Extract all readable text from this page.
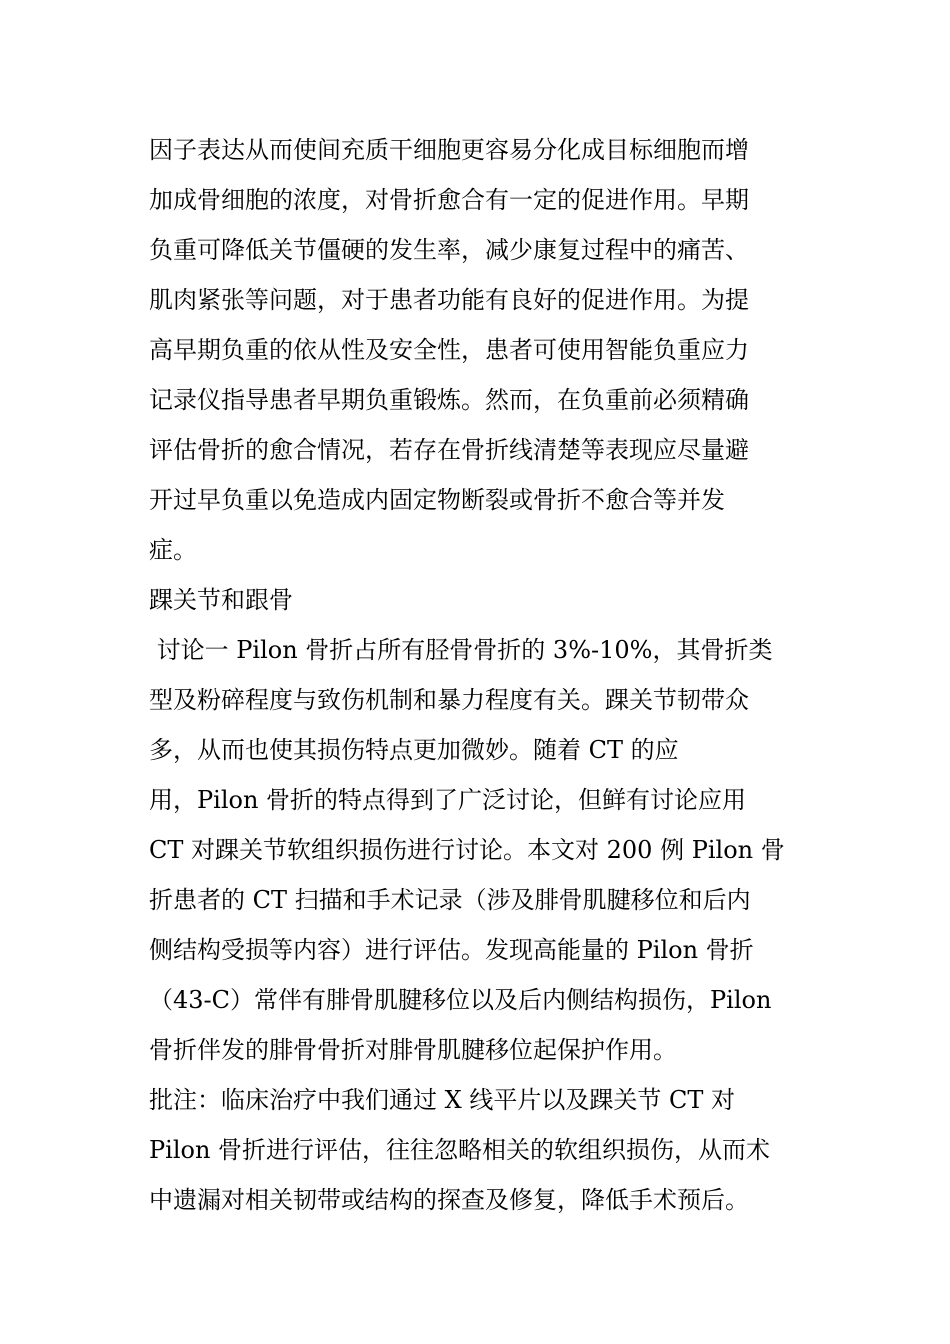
因子表达从而使间充质干细胞更容易分化成目标细胞而增
加成骨细胞的浓度，对骨折愈合有一定的促进作用。早期
负重可降低关节僵硬的发生率，减少康复过程中的痛苦、
肌肉紧张等问题，对于患者功能有良好的促进作用。为提
高早期负重的依从性及安全性，患者可使用智能负重应力
记录仪指导患者早期负重锻炼。然而，在负重前必须精确
评估骨折的愈合情况，若存在骨折线清楚等表现应尽量避
开过早负重以免造成内固定物断裂或骨折不愈合等并发
症。
踝关节和跟骨
讨论一 Pilon 骨折占所有胫骨骨折的 3%-10%，其骨折类
型及粉碎程度与致伤机制和暴力程度有关。踝关节韧带众
多，从而也使其损伤特点更加微妙。随着 CT 的应
用，Pilon 骨折的特点得到了广泛讨论，但鲜有讨论应用
CT 对踝关节软组织损伤进行讨论。本文对 200 例 Pilon 骨
折患者的 CT 扫描和手术记录（涉及腓骨肌腱移位和后内
侧结构受损等内容）进行评估。发现高能量的 Pilon 骨折
（43-C）常伴有腓骨肌腱移位以及后内侧结构损伤，Pilon
骨折伴发的腓骨骨折对腓骨肌腱移位起保护作用。
批注：临床治疗中我们通过 X 线平片以及踝关节 CT 对
Pilon 骨折进行评估，往往忽略相关的软组织损伤，从而术
中遗漏对相关韧带或结构的探查及修复，降低手术预后。
